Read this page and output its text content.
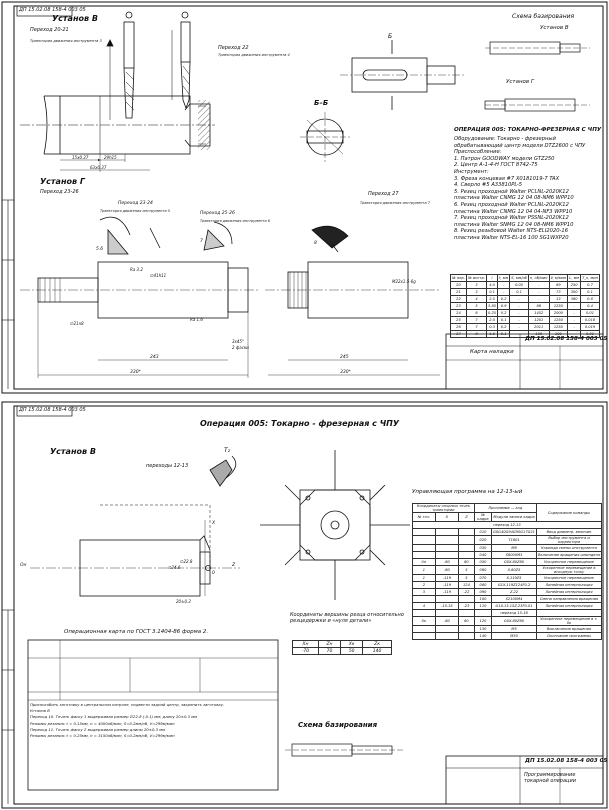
ДП 15.02.08 158-4 003 05
Установ В
Переход 20-21
Траектория движения инструмента 3
Переход 22
Траектория движения инструмента 4
Б–Б
Б
Схема базирования
Установ В
Установ Г
ОПЕРАЦИЯ 005: ТОКАРНО-ФРЕЗЕРНАЯ С ЧПУ
Оборудование: Токарно - фрезерный
обрабатывающий центр модели DTZ2600 с ЧПУ
Приспособление:
1. Патрон GOODWAY модели GTZ250
2. Центр A-1-4-Н ГОСТ 8742-75
Инструмент:
3. Фреза концевая #7 X0181019-7 TAX
4. Сверло #5 A33810PL-5
5. Резец проходной Walter PCLNL-2020K12
пластина Walter CNMG 12 04 08-NM6 WPP10
6. Резец проходной Walter PCLNL-2020K12
пластина Walter CNMG 12 04 04-NF3 WPP10
7. Резец проходной Walter PSSNL-2020K12
пластина Walter SNMG 12 04 08-NM6 WPP10
8. Резец резьбовой Walter NTS-ELI2020-16
пластина Walter NTS-EL-16 100 SG1WXP20
Установ Г
Переход 23-26
Переход 23-24
Траектория движения инструмента 5	Переход 25-26
Траектория движения инструмента 6
Переход 27
Траектория движения инструмента 7
15x0.37	29h15
63x0.37
5.6
7	8
∅21n8
∅41h11
Ra 1.6
Ra 3.2
M22x1.5-6g
243	245
330*	330*
3x45°
2 фаски
№ пер.	№ инстр.	i	t, мм	S, мм/об	n, об/мин	V, м/мин	L, мм	T_o, мин
20	3	4.0	-	0.05	-	69	250	0.7
21	3	0.1	-	0.1	-	73	300	0.1
22	4	2.5	0.2	-	-	13	360	0.8
23	5	3.85	0.9	-	86	1250	-	0.4
24	6	0.25	0.2	-	1452	2000	-	0.01
25	7	2.0	0.1	-	1201	1250	-	0.018
26	7	0.3	0.2	-	2011	1250	-	0.019
27	8	1.0	0.1	-	100	100	-	0.01
ДП 15.02.08 158-4 003 05
Карта наладки
ДП 15.02.08 158-4 003 05
Операция 005: Токарно - фрезерная с ЧПУ
Установ В
переходы 12-13
T₂
∅22.8
∅24.6
20±0.3
0
X
Z
Oн
Управляющая программа на 12-13-ый
Координаты опорных точек траектории			Программа — код		Содержание команды
№ точ.	X	Z	№ кадра	Модули записи кадра	
переход 12-13					
			010	G0G40G94G90G17G21	Ввод диаметр. величин
			020	T1601	Выбор инструмента и корректора
			030	M6	Команда смены инструмента
			040	S6000M3	Включение вращения шпинделя
0н	-60	60	050	G0X-60Z60	Ускоренное перемещение
1	-60	5	060	X-60Z5	Ускоренное перемещение в исходную точку
1	-119	5	070	X-119Z5	Ускоренное перемещение
2	-119	124	080	G1X-119Z124F0.2	Линейная интерполяция
3	-119	-22	090	Z-22	Линейная интерполяция
			100	S2100M4	Смена направления вращения
4	-15.15	-23	110	G1X-15.15Z-23F0.01	Линейная интерполяция
				переход 15-16	
0к	-60	60	120	G0X-60Z60	Ускоренное перемещение в т. 0к
			130	M5	Выключение вращения
			140	M30	Окончание программы
Координаты вершины резца относительно резцедержки и «нуля детали»
Xн	Zн	Xк	Zк
-70	70	50	140
Операционная карта по ГОСТ 3.1404-86 форма 2.
Приспособить заготовку в центральном патроне, подвести задний центр, закрепить заготовку.
Установ В
Переход 10. Точить фаску 1 выдерживая размер ∅22.8 (-0.1) мм; длину 20±0.3 мм
Режимы резания: t = 0.15мм, n = 4000об/мин, S=0.2мм/об, V=299м/мин
Переход 11. Точить фаску 2 выдерживая размер длины 20±0.3 мм
Режимы резания: t = 0.25мм, n = 3150об/мин, S=0.2мм/об, V=299м/мин
Схема базирования
ДП 15.02.08 158-4 003 05
Программирование токарной операции
